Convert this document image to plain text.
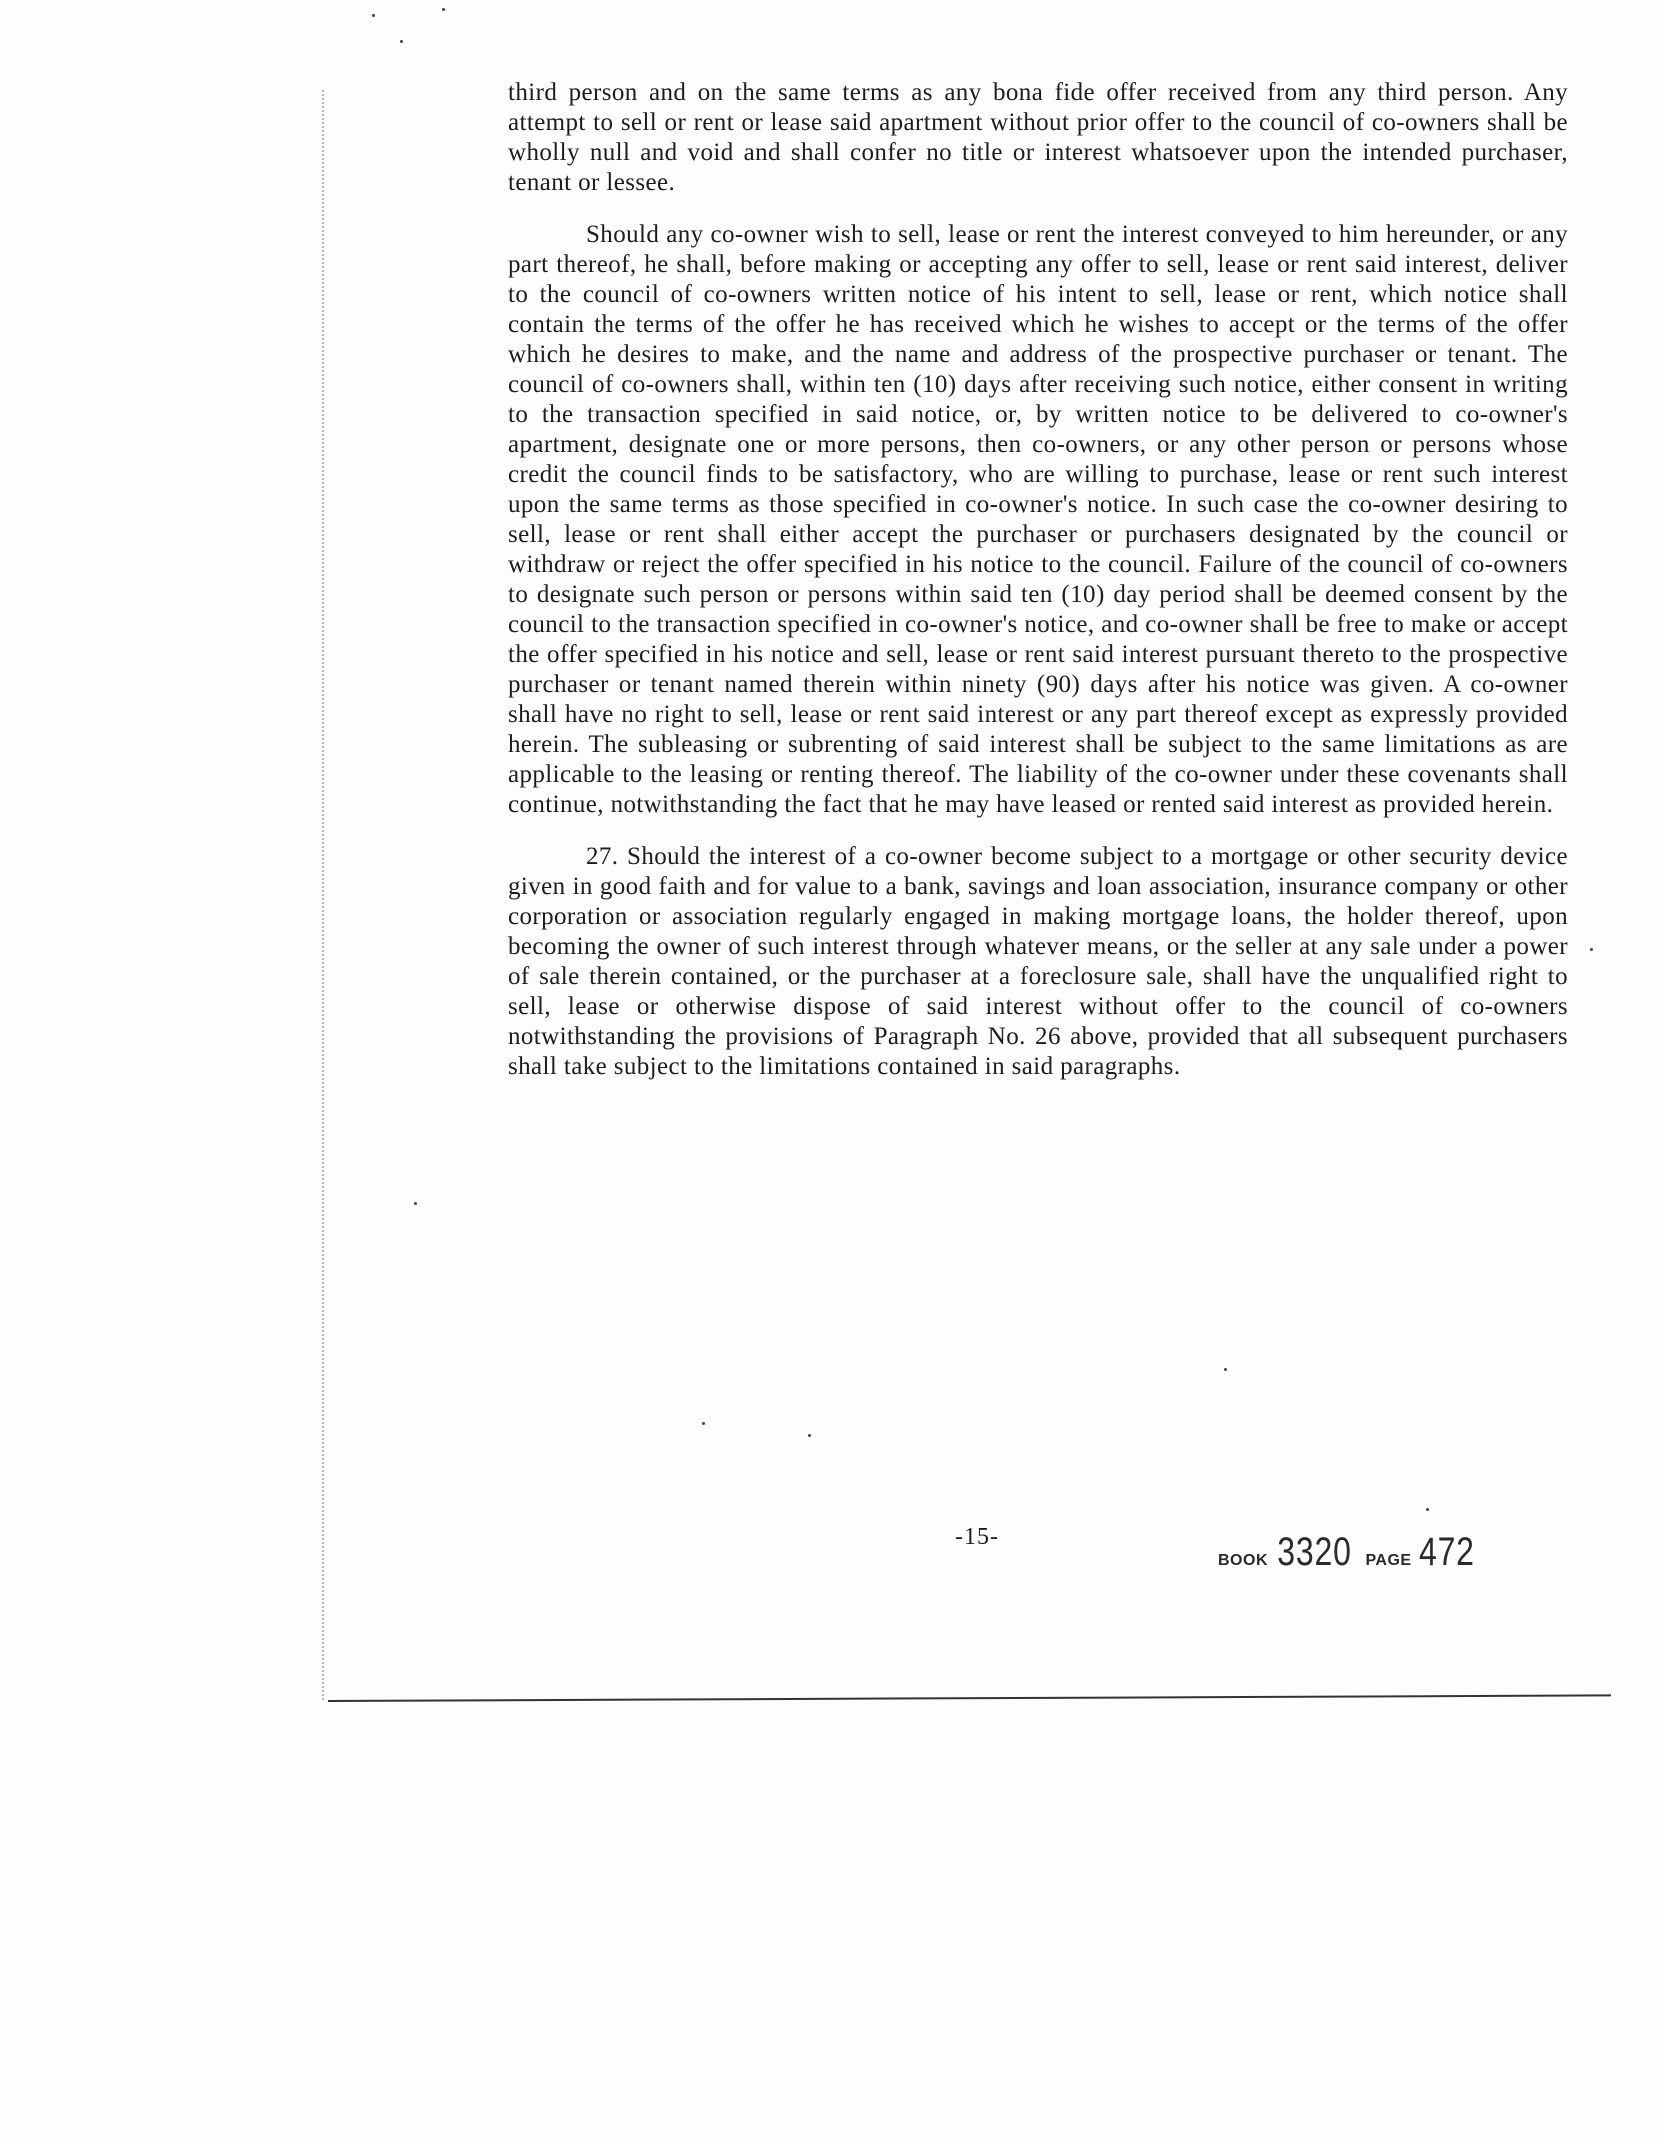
third person and on the same terms as any bona fide offer received from any third person. Any attempt to sell or rent or lease said apartment without prior offer to the council of co-owners shall be wholly null and void and shall confer no title or interest whatsoever upon the intended purchaser, tenant or lessee.

Should any co-owner wish to sell, lease or rent the interest conveyed to him hereunder, or any part thereof, he shall, before making or accepting any offer to sell, lease or rent said interest, deliver to the council of co-owners written notice of his intent to sell, lease or rent, which notice shall contain the terms of the offer he has received which he wishes to accept or the terms of the offer which he desires to make, and the name and address of the prospective purchaser or tenant. The council of co-owners shall, within ten (10) days after receiving such notice, either consent in writing to the transaction specified in said notice, or, by written notice to be delivered to co-owner's apartment, designate one or more persons, then co-owners, or any other person or persons whose credit the council finds to be satisfactory, who are willing to purchase, lease or rent such interest upon the same terms as those specified in co-owner's notice. In such case the co-owner desiring to sell, lease or rent shall either accept the purchaser or purchasers designated by the council or withdraw or reject the offer specified in his notice to the council. Failure of the council of co-owners to designate such person or persons within said ten (10) day period shall be deemed consent by the council to the transaction specified in co-owner's notice, and co-owner shall be free to make or accept the offer specified in his notice and sell, lease or rent said interest pursuant thereto to the prospective purchaser or tenant named therein within ninety (90) days after his notice was given. A co-owner shall have no right to sell, lease or rent said interest or any part thereof except as expressly provided herein. The subleasing or subrenting of said interest shall be subject to the same limitations as are applicable to the leasing or renting thereof. The liability of the co-owner under these covenants shall continue, notwithstanding the fact that he may have leased or rented said interest as provided herein.

27. Should the interest of a co-owner become subject to a mortgage or other security device given in good faith and for value to a bank, savings and loan association, insurance company or other corporation or association regularly engaged in making mortgage loans, the holder thereof, upon becoming the owner of such interest through whatever means, or the seller at any sale under a power of sale therein contained, or the purchaser at a foreclosure sale, shall have the unqualified right to sell, lease or otherwise dispose of said interest without offer to the council of co-owners notwithstanding the provisions of Paragraph No. 26 above, provided that all subsequent purchasers shall take subject to the limitations contained in said paragraphs.

-15-
BOOK 3320 PAGE 472
